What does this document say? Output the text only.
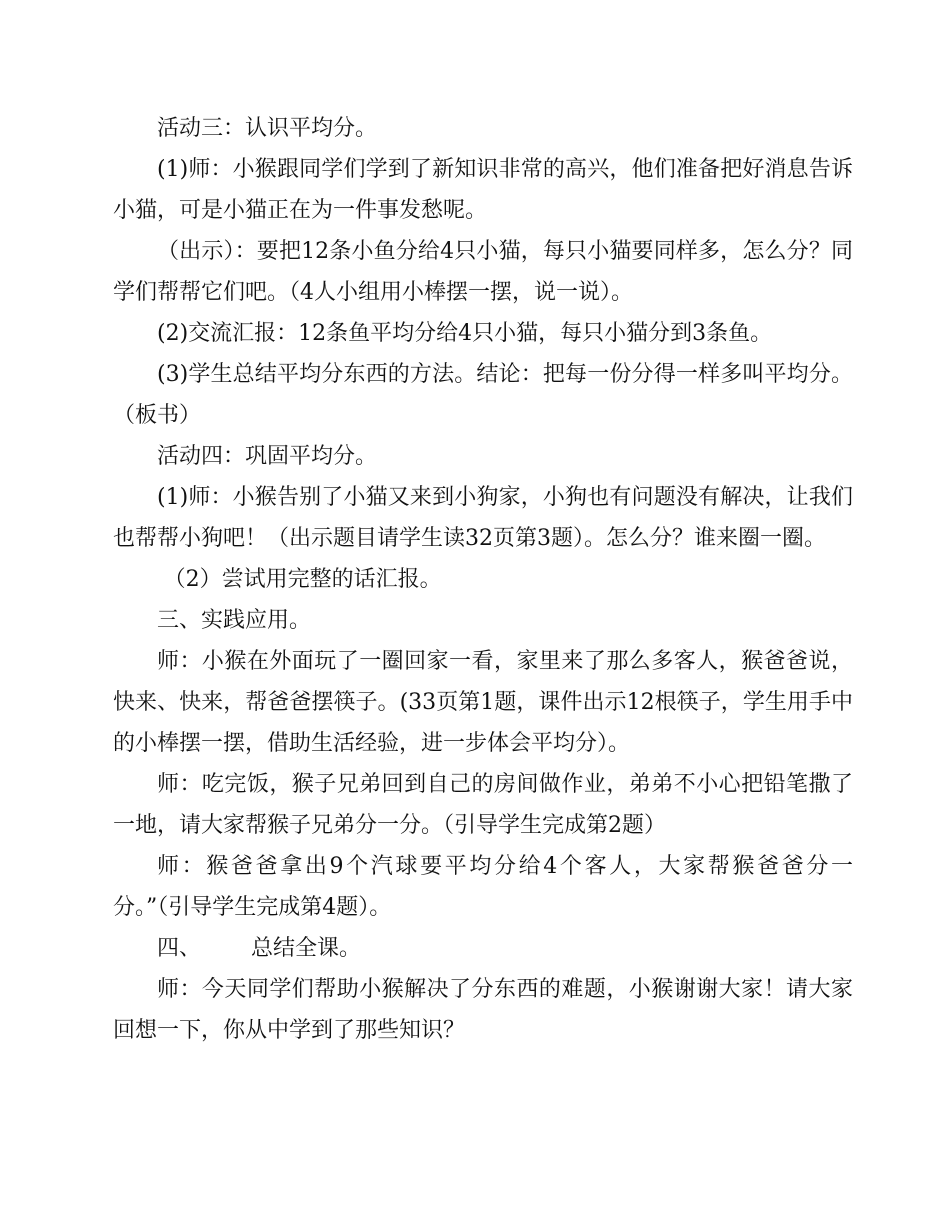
活动三：认识平均分。

(1)师：小猴跟同学们学到了新知识非常的高兴，他们准备把好消息告诉小猫，可是小猫正在为一件事发愁呢。

（出示）：要把12条小鱼分给4只小猫，每只小猫要同样多，怎么分？同学们帮帮它们吧。（4人小组用小棒摆一摆，说一说）。

(2)交流汇报：12条鱼平均分给4只小猫，每只小猫分到3条鱼。

(3)学生总结平均分东西的方法。结论：把每一份分得一样多叫平均分。（板书）

活动四：巩固平均分。

(1)师：小猴告别了小猫又来到小狗家，小狗也有问题没有解决，让我们也帮帮小狗吧！（出示题目请学生读32页第3题）。怎么分？谁来圈一圈。

（2）尝试用完整的话汇报。

三、实践应用。

师：小猴在外面玩了一圈回家一看，家里来了那么多客人，猴爸爸说，快来、快来，帮爸爸摆筷子。(33页第1题，课件出示12根筷子，学生用手中的小棒摆一摆，借助生活经验，进一步体会平均分）。

师：吃完饭，猴子兄弟回到自己的房间做作业，弟弟不小心把铅笔撒了一地，请大家帮猴子兄弟分一分。（引导学生完成第2题）

师：猴爸爸拿出9个汽球要平均分给4个客人，大家帮猴爸爸分一分。”（引导学生完成第4题）。

四、 总结全课。

师：今天同学们帮助小猴解决了分东西的难题，小猴谢谢大家！请大家回想一下，你从中学到了那些知识？
